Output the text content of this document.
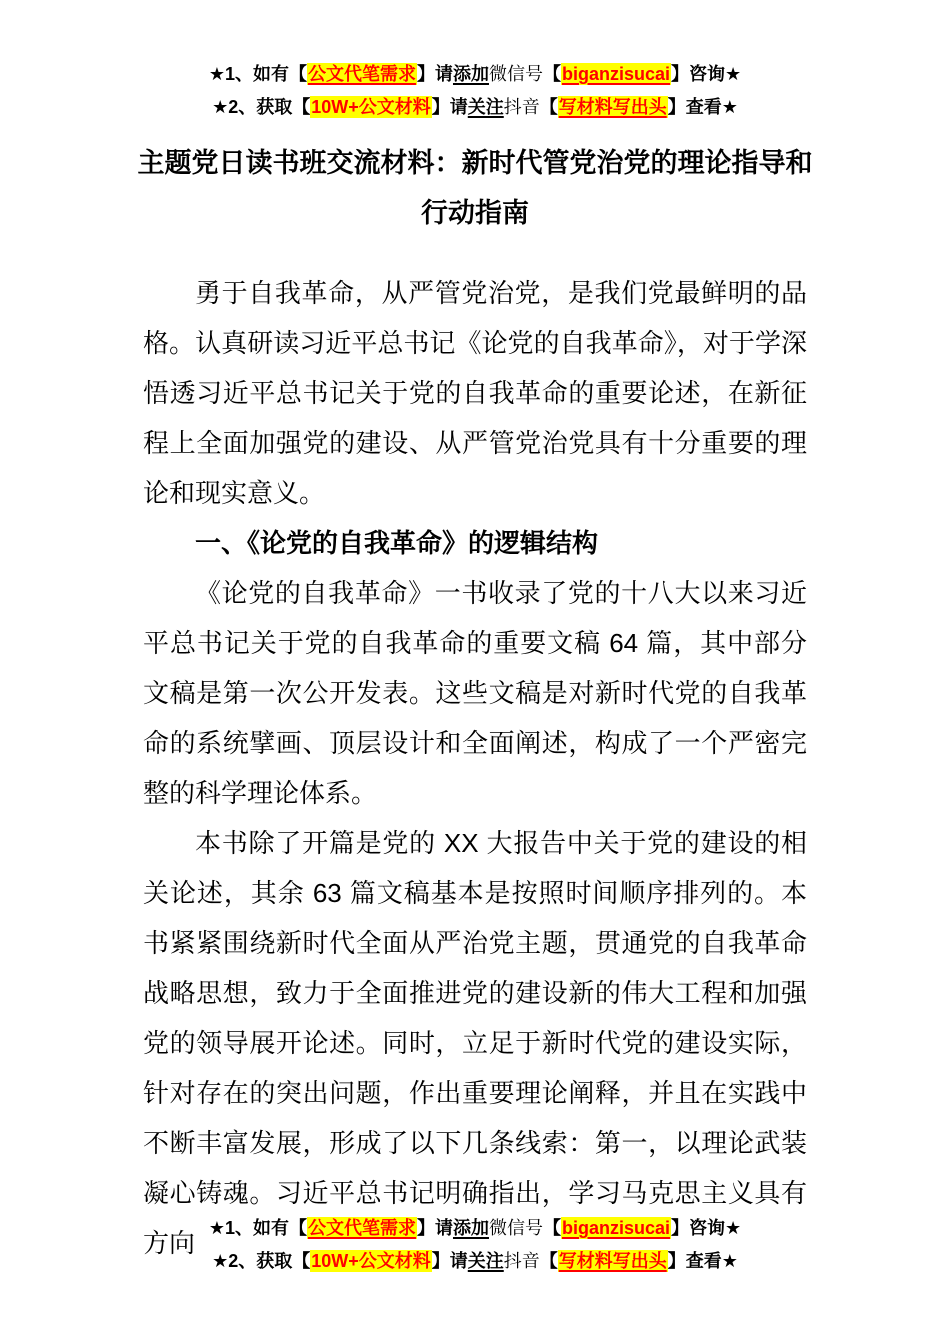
★1、如有【公文代笔需求】请添加微信号【biganzisucai】咨询★
★2、获取【10W+公文材料】请关注抖音【写材料写出头】查看★
主题党日读书班交流材料：新时代管党治党的理论指导和
行动指南

勇于自我革命，从严管党治党，是我们党最鲜明的品格。认真研读习近平总书记《论党的自我革命》，对于学深悟透习近平总书记关于党的自我革命的重要论述，在新征程上全面加强党的建设、从严管党治党具有十分重要的理论和现实意义。

一、《论党的自我革命》的逻辑结构

《论党的自我革命》一书收录了党的十八大以来习近平总书记关于党的自我革命的重要文稿 64 篇，其中部分文稿是第一次公开发表。这些文稿是对新时代党的自我革命的系统擘画、顶层设计和全面阐述，构成了一个严密完整的科学理论体系。

本书除了开篇是党的 XX 大报告中关于党的建设的相关论述，其余 63 篇文稿基本是按照时间顺序排列的。本书紧紧围绕新时代全面从严治党主题，贯通党的自我革命战略思想，致力于全面推进党的建设新的伟大工程和加强党的领导展开论述。同时，立足于新时代党的建设实际，针对存在的突出问题，作出重要理论阐释，并且在实践中不断丰富发展，形成了以下几条线索：第一，以理论武装凝心铸魂。习近平总书记明确指出，学习马克思主义具有方向 ★1、如有【公文代笔需求】请添加微信号【biganzisucai】咨询★
★2、获取【10W+公文材料】请关注抖音【写材料写出头】查看★
